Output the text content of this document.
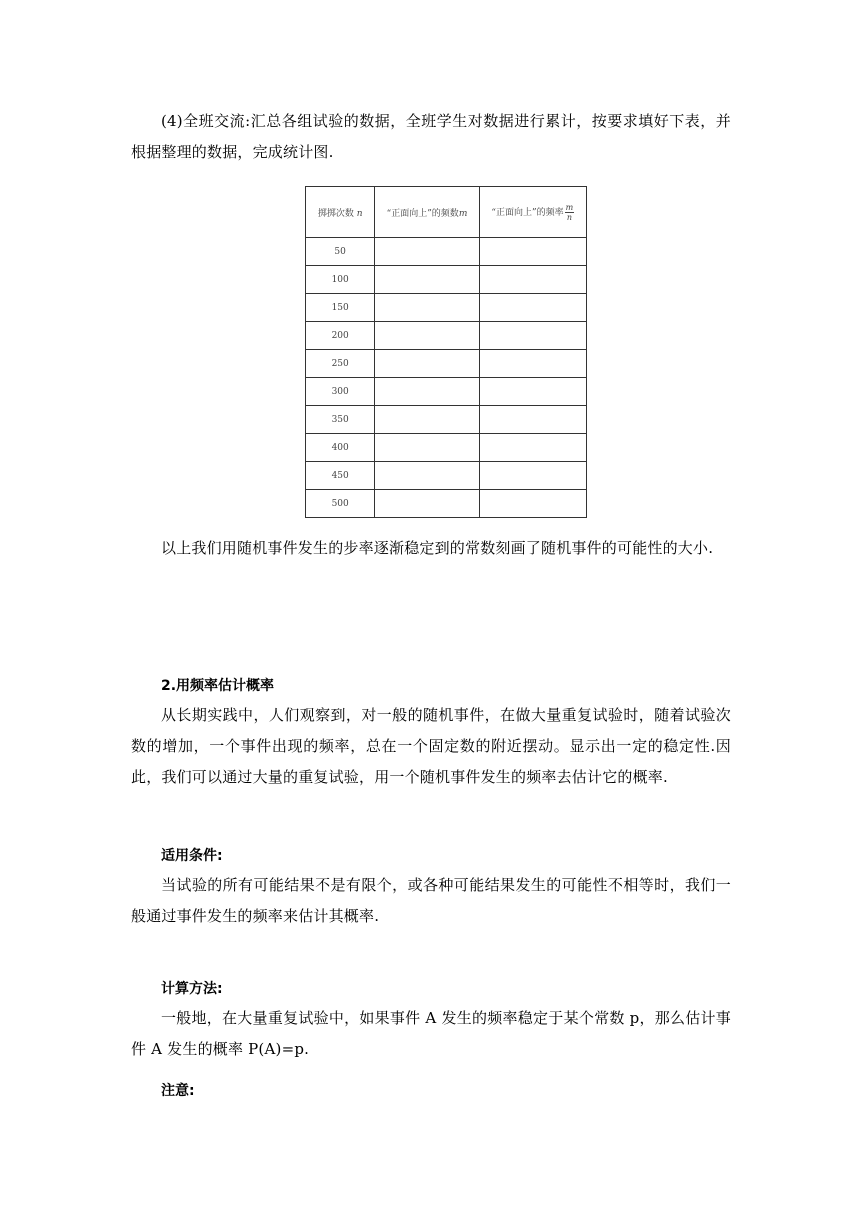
(4)全班交流:汇总各组试验的数据，全班学生对数据进行累计，按要求填好下表，并根据整理的数据，完成统计图.

掷掷次数 n	“正面向上”的频数m	“正面向上”的频率 $\frac{m}{n}$

50		
100		
150		
200		
250		
300		
350		
400		
450		
500		

以上我们用随机事件发生的步率逐渐稳定到的常数刻画了随机事件的可能性的大小.

2.用频率估计概率

从长期实践中，人们观察到，对一般的随机事件，在做大量重复试验时，随着试验次数的增加，一个事件出现的频率，总在一个固定数的附近摆动。显示出一定的稳定性.因此，我们可以通过大量的重复试验，用一个随机事件发生的频率去估计它的概率.

适用条件:

当试验的所有可能结果不是有限个，或各种可能结果发生的可能性不相等时，我们一般通过事件发生的频率来估计其概率.

计算方法:

一般地，在大量重复试验中，如果事件 A 发生的频率稳定于某个常数 p，那么估计事件 A 发生的概率 P(A)=p.

注意:
